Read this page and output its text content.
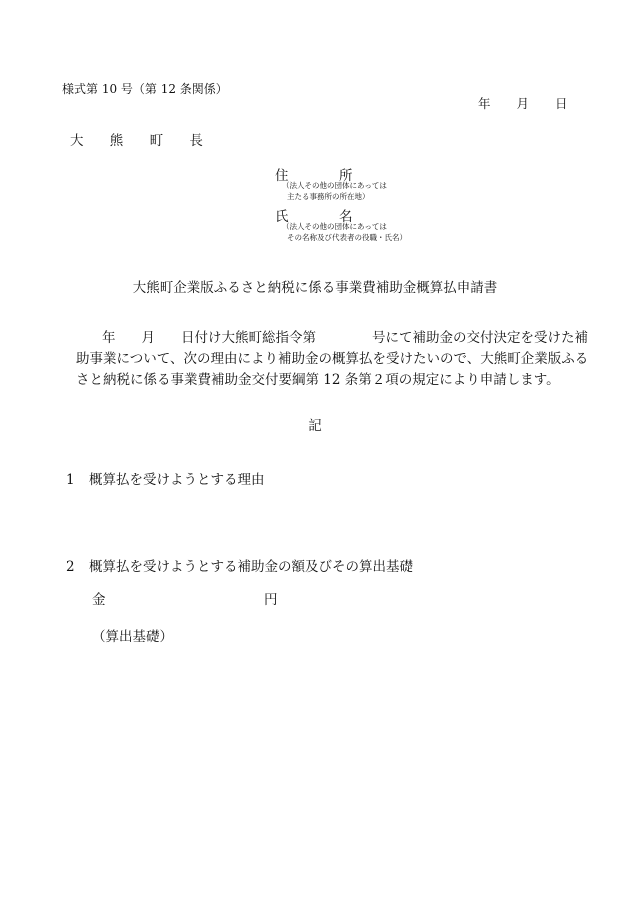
様式第 10 号（第 12 条関係）
年 月 日
大 熊 町 長
住	所
（法人その他の団体にあっては
主たる事務所の所在地）
氏	名
（法人その他の団体にあっては
その名称及び代表者の役職・氏名）
大熊町企業版ふるさと納税に係る事業費補助金概算払申請書
年 月 日付け大熊町総指令第	号にて補助金の交付決定を受けた補助事業について、次の理由により補助金の概算払を受けたいので、大熊町企業版ふるさと納税に係る事業費補助金交付要綱第 12 条第２項の規定により申請します。
記
1 概算払を受けようとする理由
2 概算払を受けようとする補助金の額及びその算出基礎
金	円
（算出基礎）
